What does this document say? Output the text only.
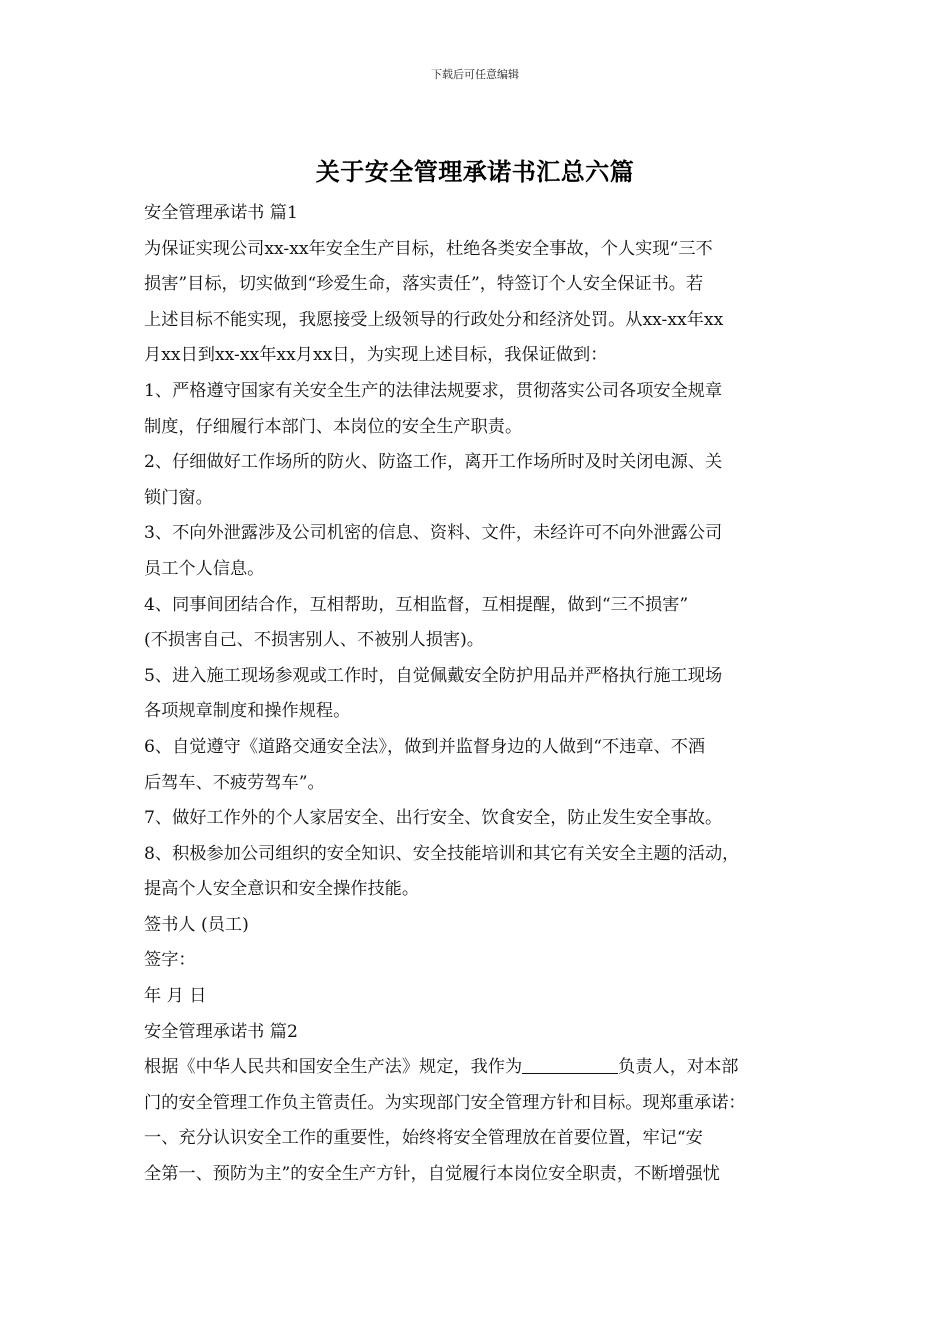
下载后可任意编辑
关于安全管理承诺书汇总六篇
安全管理承诺书 篇1
为保证实现公司xx-xx年安全生产目标，杜绝各类安全事故，个人实现“三不
损害”目标，切实做到“珍爱生命，落实责任”，特签订个人安全保证书。若
上述目标不能实现，我愿接受上级领导的行政处分和经济处罚。从xx-xx年xx
月xx日到xx-xx年xx月xx日，为实现上述目标，我保证做到：
1、严格遵守国家有关安全生产的法律法规要求，贯彻落实公司各项安全规章
制度，仔细履行本部门、本岗位的安全生产职责。
2、仔细做好工作场所的防火、防盗工作，离开工作场所时及时关闭电源、关
锁门窗。
3、不向外泄露涉及公司机密的信息、资料、文件，未经许可不向外泄露公司
员工个人信息。
4、同事间团结合作，互相帮助，互相监督，互相提醒，做到“三不损害”
(不损害自己、不损害别人、不被别人损害)。
5、进入施工现场参观或工作时，自觉佩戴安全防护用品并严格执行施工现场
各项规章制度和操作规程。
6、自觉遵守《道路交通安全法》，做到并监督身边的人做到“不违章、不酒
后驾车、不疲劳驾车”。
7、做好工作外的个人家居安全、出行安全、饮食安全，防止发生安全事故。
8、积极参加公司组织的安全知识、安全技能培训和其它有关安全主题的活动，
提高个人安全意识和安全操作技能。
签书人 (员工)
签字：
年 月 日
安全管理承诺书 篇2
根据《中华人民共和国安全生产法》规定，我作为	负责人，对本部
门的安全管理工作负主管责任。为实现部门安全管理方针和目标。现郑重承诺：
一、充分认识安全工作的重要性，始终将安全管理放在首要位置，牢记“安
全第一、预防为主”的安全生产方针，自觉履行本岗位安全职责，不断增强忧
